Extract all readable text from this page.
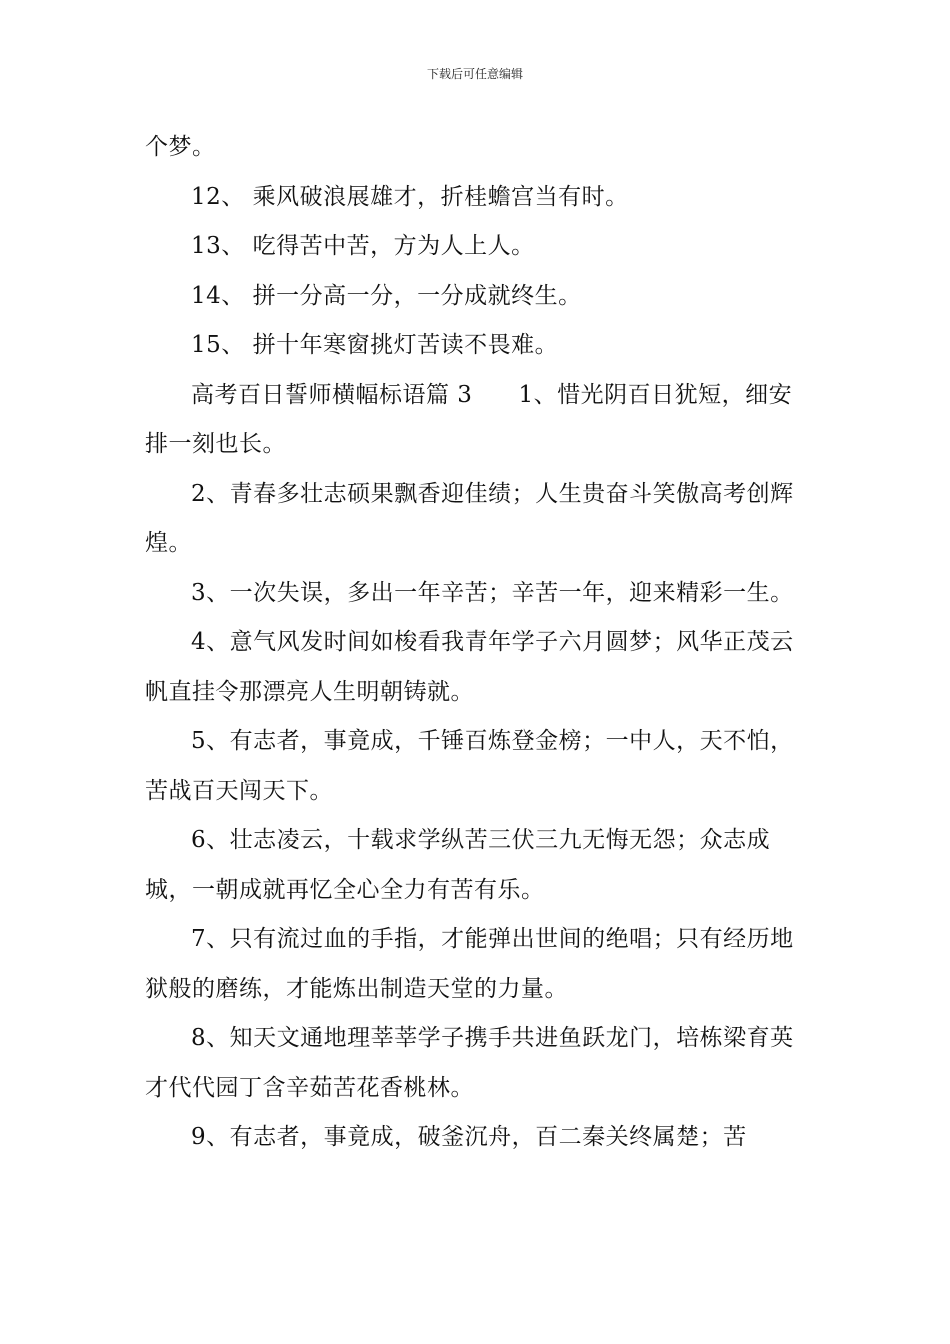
下载后可任意编辑

个梦。

12、 乘风破浪展雄才，折桂蟾宫当有时。

13、 吃得苦中苦，方为人上人。

14、 拼一分高一分，一分成就终生。

15、 拼十年寒窗挑灯苦读不畏难。

高考百日誓师横幅标语篇 3 1、惜光阴百日犹短，细安排一刻也长。

2、青春多壮志硕果飘香迎佳绩；人生贵奋斗笑傲高考创辉煌。

3、一次失误，多出一年辛苦；辛苦一年，迎来精彩一生。

4、意气风发时间如梭看我青年学子六月圆梦；风华正茂云帆直挂令那漂亮人生明朝铸就。

5、有志者，事竟成，千锤百炼登金榜；一中人，天不怕，苦战百天闯天下。

6、壮志凌云，十载求学纵苦三伏三九无悔无怨；众志成城，一朝成就再忆全心全力有苦有乐。

7、只有流过血的手指，才能弹出世间的绝唱；只有经历地狱般的磨练，才能炼出制造天堂的力量。

8、知天文通地理莘莘学子携手共进鱼跃龙门，培栋梁育英才代代园丁含辛茹苦花香桃林。

9、有志者，事竟成，破釜沉舟，百二秦关终属楚；苦
